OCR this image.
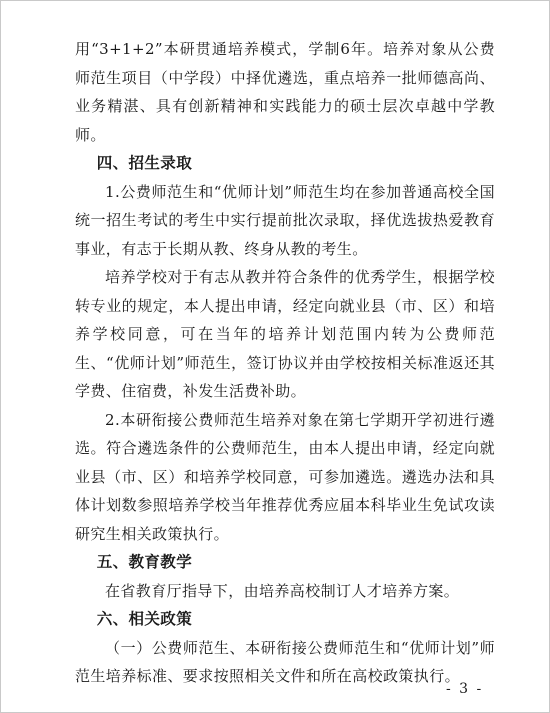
用“3+1+2”本研贯通培养模式，学制6年。培养对象从公费师范生项目（中学段）中择优遴选，重点培养一批师德高尚、业务精湛、具有创新精神和实践能力的硕士层次卓越中学教师。

四、招生录取

1.公费师范生和“优师计划”师范生均在参加普通高校全国统一招生考试的考生中实行提前批次录取，择优选拔热爱教育事业，有志于长期从教、终身从教的考生。

培养学校对于有志从教并符合条件的优秀学生，根据学校转专业的规定，本人提出申请，经定向就业县（市、区）和培养学校同意，可在当年的培养计划范围内转为公费师范生、“优师计划”师范生，签订协议并由学校按相关标准返还其学费、住宿费，补发生活费补助。

2.本研衔接公费师范生培养对象在第七学期开学初进行遴选。符合遴选条件的公费师范生，由本人提出申请，经定向就业县（市、区）和培养学校同意，可参加遴选。遴选办法和具体计划数参照培养学校当年推荐优秀应届本科毕业生免试攻读研究生相关政策执行。

五、教育教学

在省教育厅指导下，由培养高校制订人才培养方案。

六、相关政策

（一）公费师范生、本研衔接公费师范生和“优师计划”师范生培养标准、要求按照相关文件和所在高校政策执行。

- 3 -
